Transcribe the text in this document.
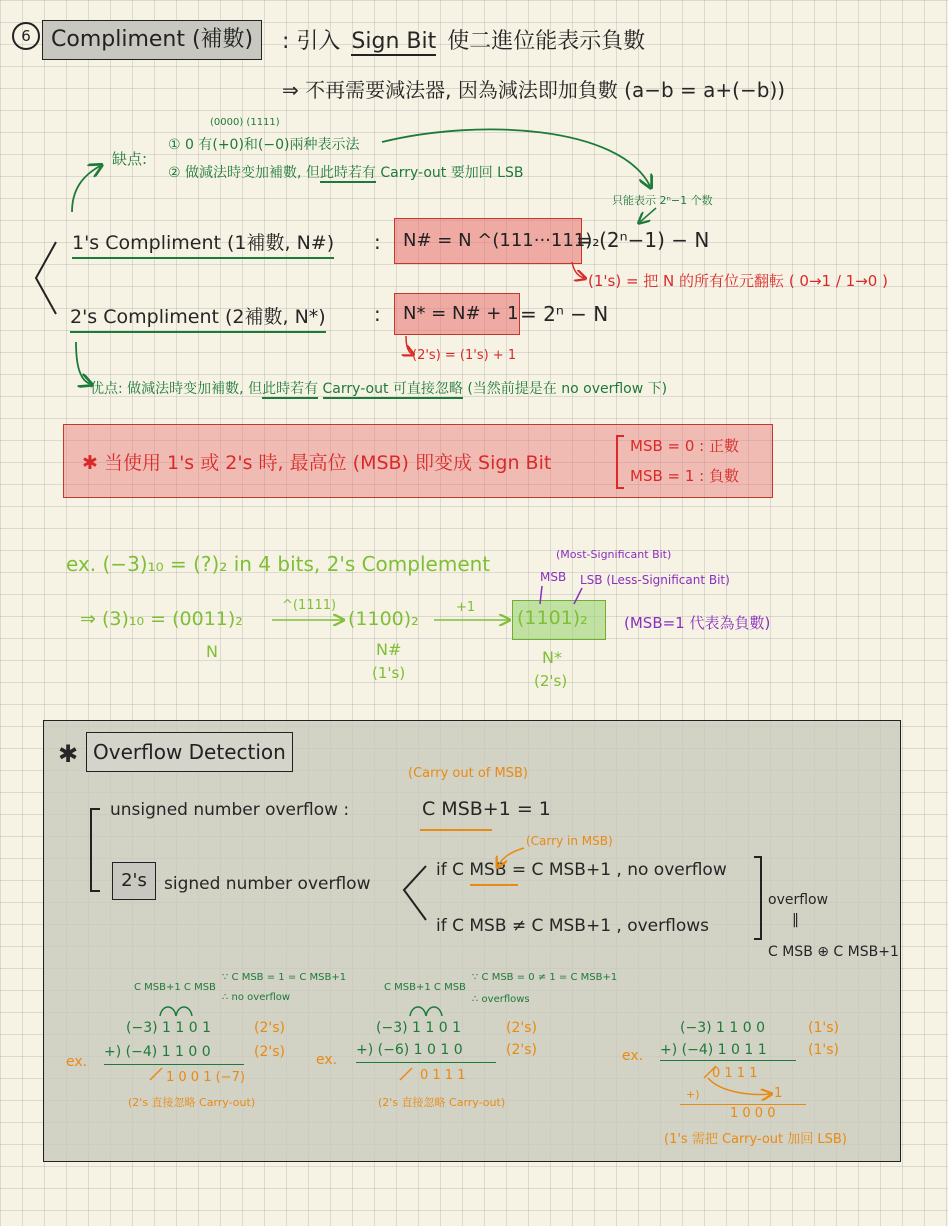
6 Compliment (補數)	: 引入 Sign Bit 使二進位能表示負數
⇒ 不再需要減法器, 因為減法即加負數 (a−b = a+(−b))
缺点:
(0000) (1111)
① 0 有(+0)和(−0)兩种表示法
② 做減法時变加補數, 但此時若有 Carry-out 要加回 LSB
1's Compliment (1補數, N#) :	N# = N ^(111···111)₂
= (2ⁿ−1) − N
只能表示 2ⁿ−1 个数
(1's) = 把 N 的所有位元翻転 ( 0→1 / 1→0 )
2's Compliment (2補數, N*) :	N* = N# + 1 = 2ⁿ − N
(2's) = (1's) + 1
优点: 做減法時变加補數, 但此時若有 Carry-out 可直接忽略 (当然前提是在 no overflow 下)
✱ 当使用 1's 或 2's 時, 最高位 (MSB) 即变成 Sign Bit
MSB = 0 : 正數
MSB = 1 : 負數
ex. (−3)₁₀ = (?)₂ in 4 bits, 2's Complement	(Most-Significant Bit)
MSB LSB (Less-Significant Bit)
⇒ (3)₁₀ = (0011)₂
^(1111)
(1100)₂
+1 (1101)₂ (MSB=1 代表為負數)
N	N#
(1's)
N*
(2's)
✱ Overflow Detection
(Carry out of MSB)
unsigned number overflow :	C MSB+1 = 1
2's	signed number overflow
(Carry in MSB)
if C MSB = C MSB+1 , no overflow
if C MSB ≠ C MSB+1 , overflows
overflow
‖
C MSB ⊕ C MSB+1
C MSB+1 C MSB
∵ C MSB = 1 = C MSB+1
∴ no overflow
(−3) 1 1 0 1	(2's)
+) (−4) 1 1 0 0	(2's)
ex.
1 0 0 1 (−7)
(2's 直接忽略 Carry-out)
C MSB+1 C MSB
∵ C MSB = 0 ≠ 1 = C MSB+1
∴ overflows
(−3) 1 1 0 1	(2's)
+) (−6) 1 0 1 0	(2's)
ex.
0 1 1 1
(2's 直接忽略 Carry-out)
(−3) 1 1 0 0	(1's)
+) (−4) 1 0 1 1	(1's)
ex.
0 1 1 1
+)	1
1 0 0 0
(1's 需把 Carry-out 加回 LSB)
